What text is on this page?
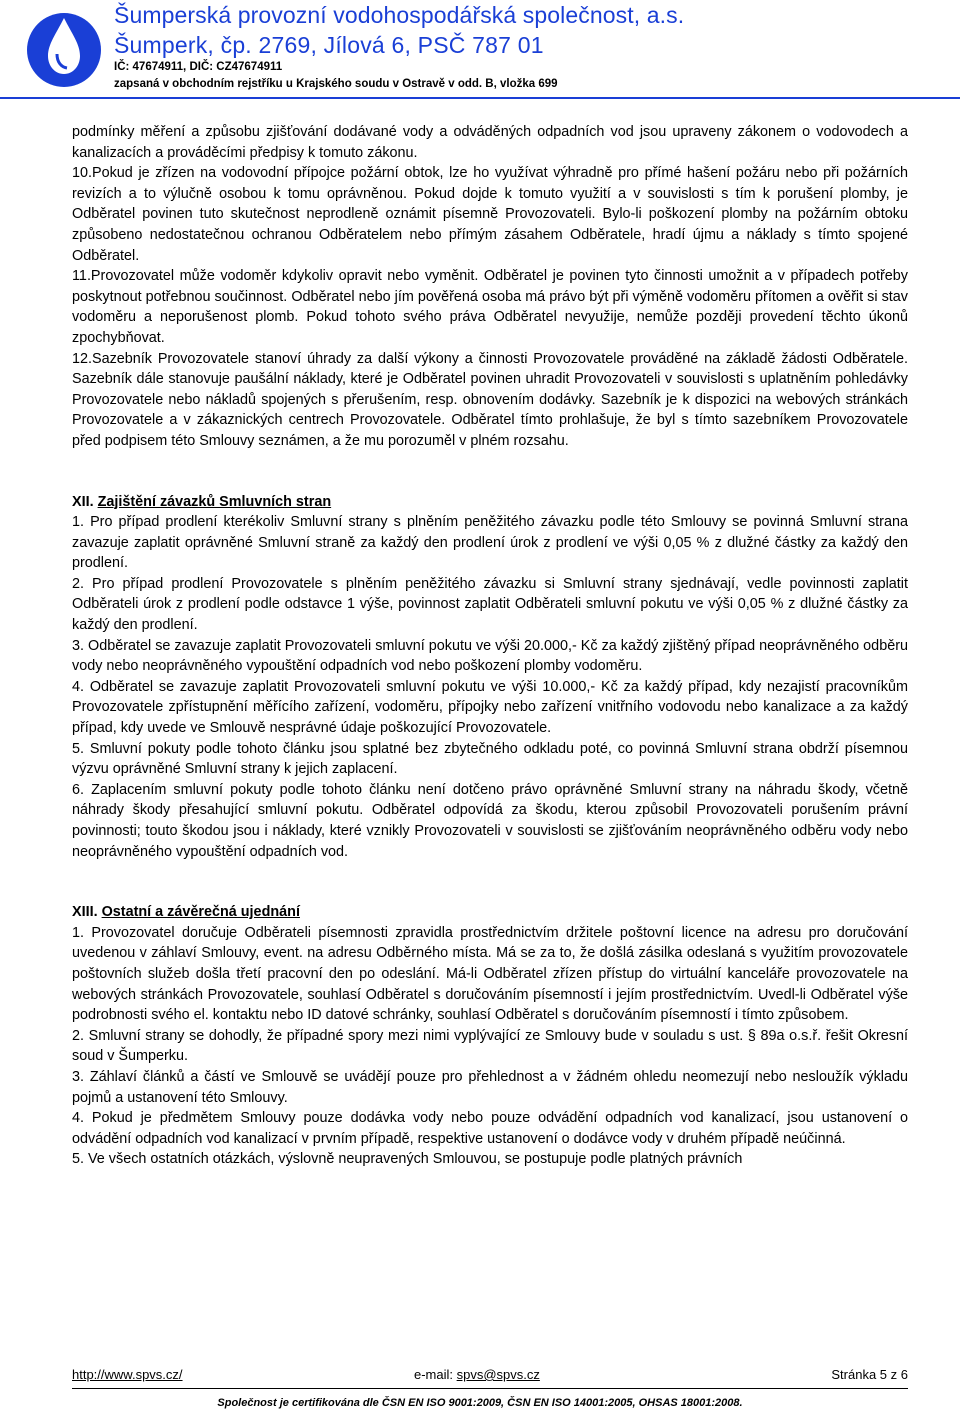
Šumperská provozní vodohospodářská společnost, a.s.
Šumperk, čp. 2769, Jílová 6, PSČ 787 01
IČ: 47674911, DIČ: CZ47674911
zapsaná v obchodním rejstříku u Krajského soudu v Ostravě v odd. B, vložka 699

podmínky měření a způsobu zjišťování dodávané vody a odváděných odpadních vod jsou upraveny zákonem o vodovodech a kanalizacích a prováděcími předpisy k tomuto zákonu.

10.Pokud je zřízen na vodovodní přípojce požární obtok, lze ho využívat výhradně pro přímé hašení požáru nebo při požárních revizích a to výlučně osobou k tomu oprávněnou. Pokud dojde k tomuto využití a v souvislosti s tím k porušení plomby, je Odběratel povinen tuto skutečnost neprodleně oznámit písemně Provozovateli. Bylo-li poškození plomby na požárním obtoku způsobeno nedostatečnou ochranou Odběratelem nebo přímým zásahem Odběratele, hradí újmu a náklady s tímto spojené Odběratel.

11.Provozovatel může vodoměr kdykoliv opravit nebo vyměnit. Odběratel je povinen tyto činnosti umožnit a v případech potřeby poskytnout potřebnou součinnost. Odběratel nebo jím pověřená osoba má právo být při výměně vodoměru přítomen a ověřit si stav vodoměru a neporušenost plomb. Pokud tohoto svého práva Odběratel nevyužije, nemůže později provedení těchto úkonů zpochybňovat.

12.Sazebník Provozovatele stanoví úhrady za další výkony a činnosti Provozovatele prováděné na základě žádosti Odběratele. Sazebník dále stanovuje paušální náklady, které je Odběratel povinen uhradit Provozovateli v souvislosti s uplatněním pohledávky Provozovatele nebo nákladů spojených s přerušením, resp. obnovením dodávky. Sazebník je k dispozici na webových stránkách Provozovatele a v zákaznických centrech Provozovatele. Odběratel tímto prohlašuje, že byl s tímto sazebníkem Provozovatele před podpisem této Smlouvy seznámen, a že mu porozuměl v plném rozsahu.

XII. Zajištění závazků Smluvních stran

1. Pro případ prodlení kterékoliv Smluvní strany s plněním peněžitého závazku podle této Smlouvy se povinná Smluvní strana zavazuje zaplatit oprávněné Smluvní straně za každý den prodlení úrok z prodlení ve výši 0,05 % z dlužné částky za každý den prodlení.

2. Pro případ prodlení Provozovatele s plněním peněžitého závazku si Smluvní strany sjednávají, vedle povinnosti zaplatit Odběrateli úrok z prodlení podle odstavce 1 výše, povinnost zaplatit Odběrateli smluvní pokutu ve výši 0,05 % z dlužné částky za každý den prodlení.

3. Odběratel se zavazuje zaplatit Provozovateli smluvní pokutu ve výši 20.000,- Kč za každý zjištěný případ neoprávněného odběru vody nebo neoprávněného vypouštění odpadních vod nebo poškození plomby vodoměru.

4. Odběratel se zavazuje zaplatit Provozovateli smluvní pokutu ve výši 10.000,- Kč za každý případ, kdy nezajistí pracovníkům Provozovatele zpřístupnění měřícího zařízení, vodoměru, přípojky nebo zařízení vnitřního vodovodu nebo kanalizace a za každý případ, kdy uvede ve Smlouvě nesprávné údaje poškozující Provozovatele.

5. Smluvní pokuty podle tohoto článku jsou splatné bez zbytečného odkladu poté, co povinná Smluvní strana obdrží písemnou výzvu oprávněné Smluvní strany k jejich zaplacení.

6. Zaplacením smluvní pokuty podle tohoto článku není dotčeno právo oprávněné Smluvní strany na náhradu škody, včetně náhrady škody přesahující smluvní pokutu. Odběratel odpovídá za škodu, kterou způsobil Provozovateli porušením právní povinnosti; touto škodou jsou i náklady, které vznikly Provozovateli v souvislosti se zjišťováním neoprávněného odběru vody nebo neoprávněného vypouštění odpadních vod.

XIII. Ostatní a závěrečná ujednání

1. Provozovatel doručuje Odběrateli písemnosti zpravidla prostřednictvím držitele poštovní licence na adresu pro doručování uvedenou v záhlaví Smlouvy, event. na adresu Odběrného místa. Má se za to, že došlá zásilka odeslaná s využitím provozovatele poštovních služeb došla třetí pracovní den po odeslání. Má-li Odběratel zřízen přístup do virtuální kanceláře provozovatele na webových stránkách Provozovatele, souhlasí Odběratel s doručováním písemností i jejím prostřednictvím. Uvedl-li Odběratel výše podrobnosti svého el. kontaktu nebo ID datové schránky, souhlasí Odběratel s doručováním písemností i tímto způsobem.

2. Smluvní strany se dohodly, že případné spory mezi nimi vyplývající ze Smlouvy bude v souladu s ust. § 89a o.s.ř. řešit Okresní soud v Šumperku.

3. Záhlaví článků a částí ve Smlouvě se uvádějí pouze pro přehlednost a v žádném ohledu neomezují nebo nesloužík výkladu pojmů a ustanovení této Smlouvy.

4. Pokud je předmětem Smlouvy pouze dodávka vody nebo pouze odvádění odpadních vod kanalizací, jsou ustanovení o odvádění odpadních vod kanalizací v prvním případě, respektive ustanovení o dodávce vody v druhém případě neúčinná.

5. Ve všech ostatních otázkách, výslovně neupravených Smlouvou, se postupuje podle platných právních

http://www.spvs.cz/	e-mail: spvs@spvs.cz	Stránka 5 z 6
Společnost je certifikována dle ČSN EN ISO 9001:2009, ČSN EN ISO 14001:2005, OHSAS 18001:2008.
